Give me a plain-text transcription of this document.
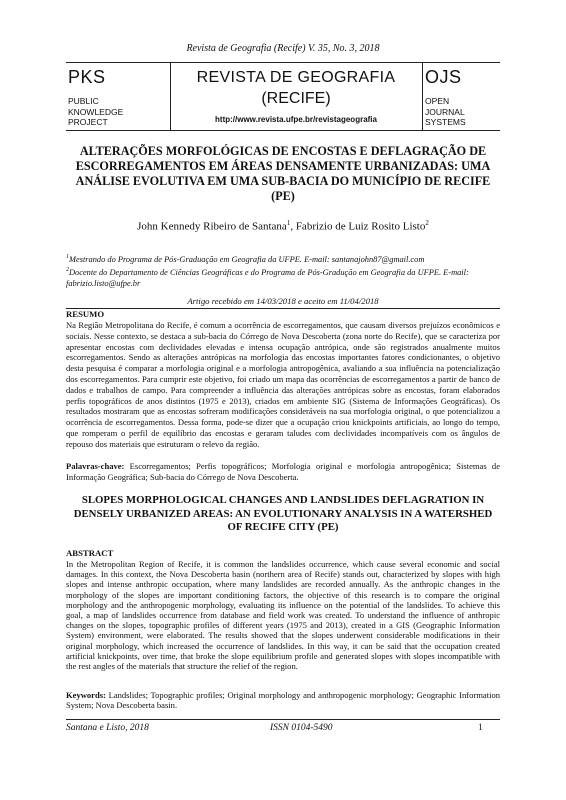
Revista de Geografia (Recife) V. 35, No. 3, 2018
PKS
PUBLIC
KNOWLEDGE
PROJECT
REVISTA DE GEOGRAFIA
(RECIFE)
http://www.revista.ufpe.br/revistageografia
OJS
OPEN
JOURNAL
SYSTEMS
ALTERAÇÕES MORFOLÓGICAS DE ENCOSTAS E DEFLAGRAÇÃO DE ESCORREGAMENTOS EM ÁREAS DENSAMENTE URBANIZADAS: UMA ANÁLISE EVOLUTIVA EM UMA SUB-BACIA DO MUNICÍPIO DE RECIFE (PE)
John Kennedy Ribeiro de Santana$^1$, Fabrizio de Luiz Rosito Listo$^2$
$^1$Mestrando do Programa de Pós-Graduação em Geografia da UFPE. E-mail: santanajohn87@gmail.com
$^2$Docente do Departamento de Ciências Geográficas e do Programa de Pós-Gradução em Geografia da UFPE. E-mail: fabrizio.listo@ufpe.br
Artigo recebido em 14/03/2018 e aceito em 11/04/2018
RESUMO
Na Região Metropolitana do Recife, é comum a ocorrência de escorregamentos, que causam diversos prejuízos econômicos e sociais. Nesse contexto, se destaca a sub-bacia do Córrego de Nova Descoberta (zona norte do Recife), que se caracteriza por apresentar encostas com declividades elevadas e intensa ocupação antrópica, onde são registrados anualmente muitos escorregamentos. Sendo as alterações antrópicas na morfologia das encostas importantes fatores condicionantes, o objetivo desta pesquisa é comparar a morfologia original e a morfologia antropogênica, avaliando a sua influência na potencialização dos escorregamentos. Para cumprir este objetivo, foi criado um mapa das ocorrências de escorregamentos a partir de banco de dados e trabalhos de campo. Para compreender a influência das alterações antrópicas sobre as encostas, foram elaborados perfis topográficos de anos distintos (1975 e 2013), criados em ambiente SIG (Sistema de Informações Geográficas). Os resultados mostraram que as encostas sofreram modificações consideráveis na sua morfologia original, o que potencializou a ocorrência de escorregamentos. Dessa forma, pode-se dizer que a ocupação criou knickpoints artificiais, ao longo do tempo, que romperam o perfil de equilíbrio das encostas e geraram taludes com declividades incompatíveis com os ângulos de repouso dos materiais que estruturam o relevo da região.
Palavras-chave: Escorregamentos; Perfis topográficos; Morfologia original e morfologia antropogênica; Sistemas de Informação Geográfica; Sub-bacia do Córrego de Nova Descoberta.
SLOPES MORPHOLOGICAL CHANGES AND LANDSLIDES DEFLAGRATION IN DENSELY URBANIZED AREAS: AN EVOLUTIONARY ANALYSIS IN A WATERSHED OF RECIFE CITY (PE)
ABSTRACT
In the Metropolitan Region of Recife, it is common the landslides occurrence, which cause several economic and social damages. In this context, the Nova Descoberta basin (northern area of Recife) stands out, characterized by slopes with high slopes and intense anthropic occupation, where many landslides are recorded annually. As the anthropic changes in the morphology of the slopes are important conditioning factors, the objective of this research is to compare the original morphology and the anthropogenic morphology, evaluating its influence on the potential of the landslides. To achieve this goal, a map of landslides occurrence from database and field work was created. To understand the influence of anthropic changes on the slopes, topographic profiles of different years (1975 and 2013), created in a GIS (Geographic Information System) environment, were elaborated. The results showed that the slopes underwent considerable modifications in their original morphology, which increased the occurrence of landslides. In this way, it can be said that the occupation created artificial knickpoints, over time, that broke the slope equilibrium profile and generated slopes with slopes incompatible with the rest angles of the materials that structure the relief of the region.
Keywords: Landslides; Topographic profiles; Original morphology and anthropogenic morphology; Geographic Information System; Nova Descoberta basin.
Santana e Listo, 2018	ISSN 0104-5490	1
